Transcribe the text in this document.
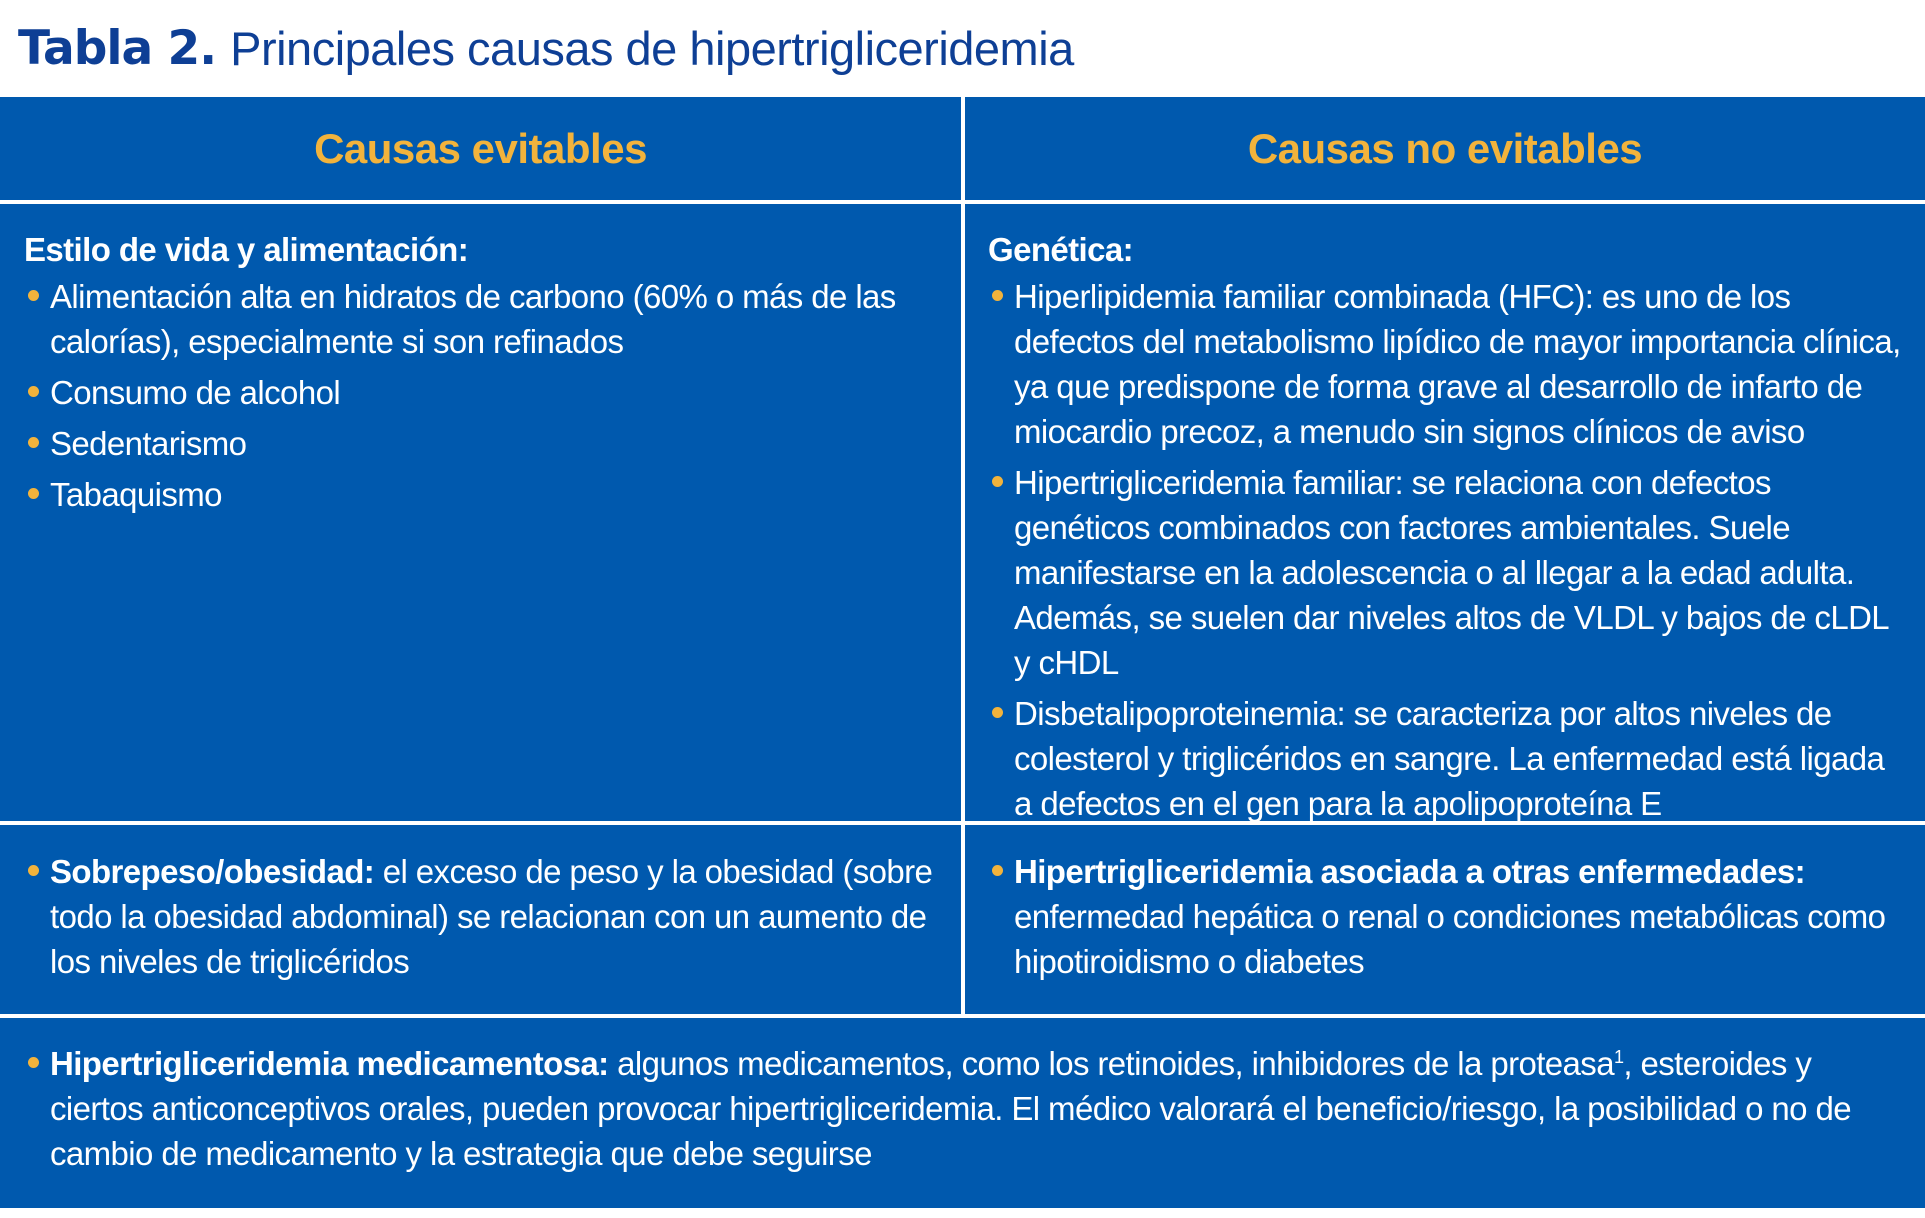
Tabla 2. Principales causas de hipertrigliceridemia
Causas evitables	Causas no evitables
Estilo de vida y alimentación:
Alimentación alta en hidratos de carbono (60% o más de las calorías), especialmente si son refinados
Consumo de alcohol
Sedentarismo
Tabaquismo
Genética:
Hiperlipidemia familiar combinada (HFC): es uno de los defectos del metabolismo lipídico de mayor importancia clínica, ya que predispone de forma grave al desarrollo de infarto de miocardio precoz, a menudo sin signos clínicos de aviso
Hipertrigliceridemia familiar: se relaciona con defectos genéticos combinados con factores ambientales. Suele manifestarse en la adolescencia o al llegar a la edad adulta. Además, se suelen dar niveles altos de VLDL y bajos de cLDL y cHDL
Disbetalipoproteinemia: se caracteriza por altos niveles de colesterol y triglicéridos en sangre. La enfermedad está ligada a defectos en el gen para la apolipoproteína E
Sobrepeso/obesidad: el exceso de peso y la obesidad (sobre todo la obesidad abdominal) se relacionan con un aumento de los niveles de triglicéridos
Hipertrigliceridemia asociada a otras enfermedades: enfermedad hepática o renal o condiciones metabólicas como hipotiroidismo o diabetes
Hipertrigliceridemia medicamentosa: algunos medicamentos, como los retinoides, inhibidores de la proteasa$^1$, esteroides y ciertos anticonceptivos orales, pueden provocar hipertrigliceridemia. El médico valorará el beneficio/riesgo, la posibilidad o no de cambio de medicamento y la estrategia que debe seguirse
